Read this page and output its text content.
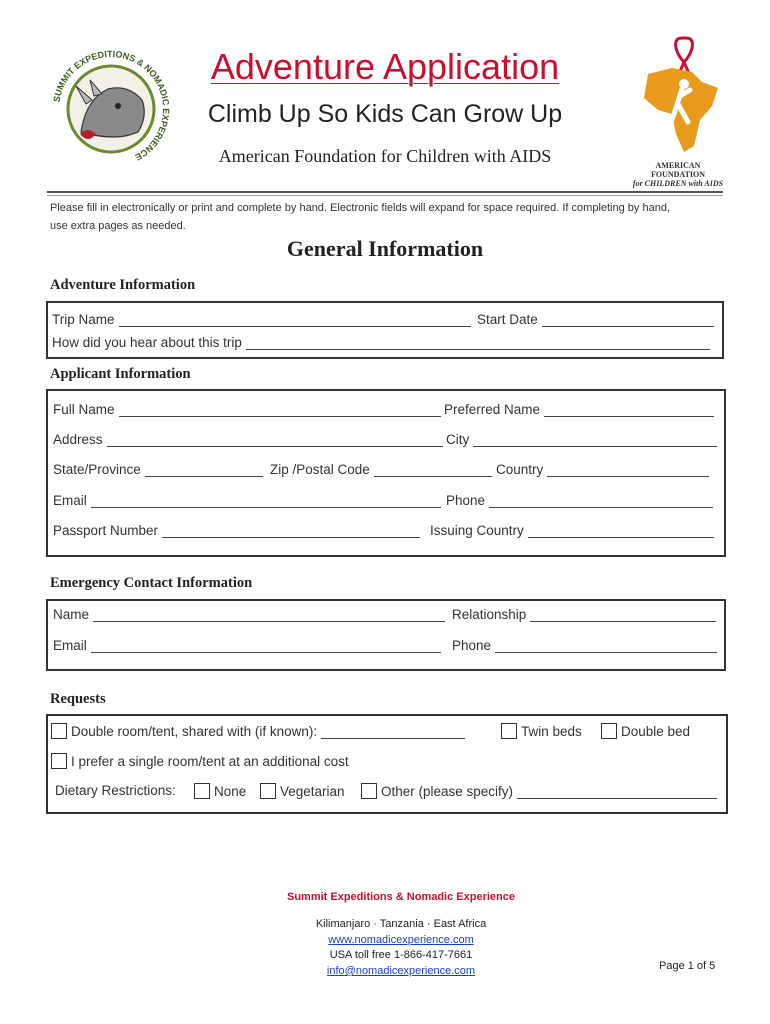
SUMMIT EXPEDITIONS & NOMADIC EXPERIENCE
AMERICAN FOUNDATION
for CHILDREN with AIDS
Adventure Application
Climb Up So Kids Can Grow Up
American Foundation for Children with AIDS
Please fill in electronically or print and complete by hand. Electronic fields will expand for space required. If completing by hand,
use extra pages as needed.
General Information
Adventure Information
Trip Name	Start Date
How did you hear about this trip
Applicant Information
Full Name	Preferred Name
Address	City
State/Province	Zip /Postal Code	Country
Email	Phone
Passport Number	Issuing Country
Emergency Contact Information
Name	Relationship
Email	Phone
Requests
Double room/tent, shared with (if known):	Twin beds	Double bed
I prefer a single room/tent at an additional cost
Dietary Restrictions:	None Vegetarian	Other (please specify)
Summit Expeditions & Nomadic Experience
Kilimanjaro · Tanzania · East Africa
www.nomadicexperience.com
USA toll free 1-866-417-7661
info@nomadicexperience.com	Page 1 of 5
